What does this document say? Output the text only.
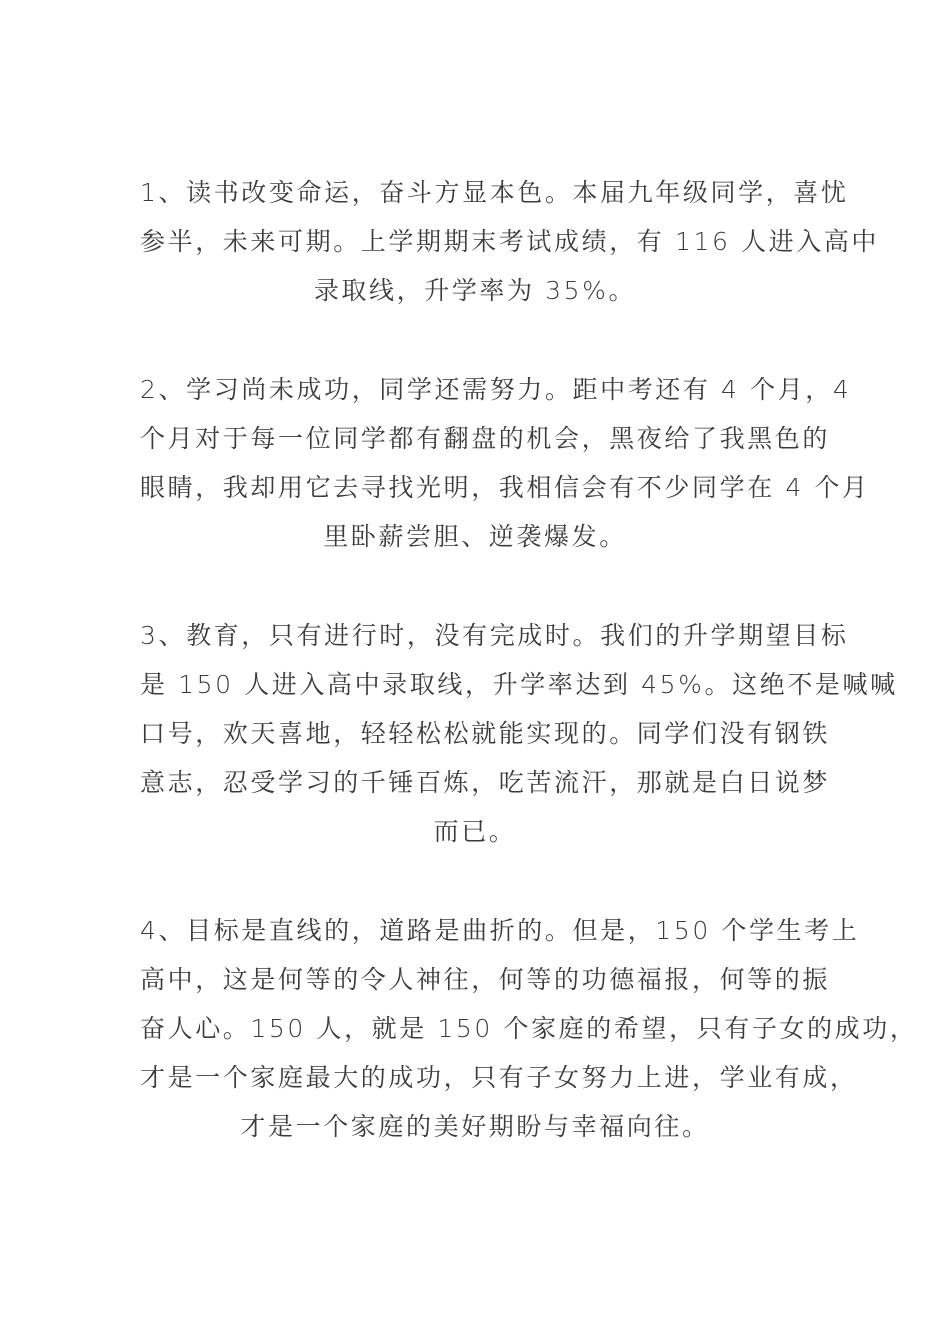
1、读书改变命运，奋斗方显本色。本届九年级同学，喜忧
参半，未来可期。上学期期末考试成绩，有 116 人进入高中
录取线，升学率为 35%。

2、学习尚未成功，同学还需努力。距中考还有 4 个月，4
个月对于每一位同学都有翻盘的机会，黑夜给了我黑色的
眼睛，我却用它去寻找光明，我相信会有不少同学在 4 个月
里卧薪尝胆、逆袭爆发。

3、教育，只有进行时，没有完成时。我们的升学期望目标
是 150 人进入高中录取线，升学率达到 45%。这绝不是喊喊
口号，欢天喜地，轻轻松松就能实现的。同学们没有钢铁
意志，忍受学习的千锤百炼，吃苦流汗，那就是白日说梦
而已。

4、目标是直线的，道路是曲折的。但是，150 个学生考上
高中，这是何等的令人神往，何等的功德福报，何等的振
奋人心。150 人，就是 150 个家庭的希望，只有子女的成功，
才是一个家庭最大的成功，只有子女努力上进，学业有成，
才是一个家庭的美好期盼与幸福向往。
